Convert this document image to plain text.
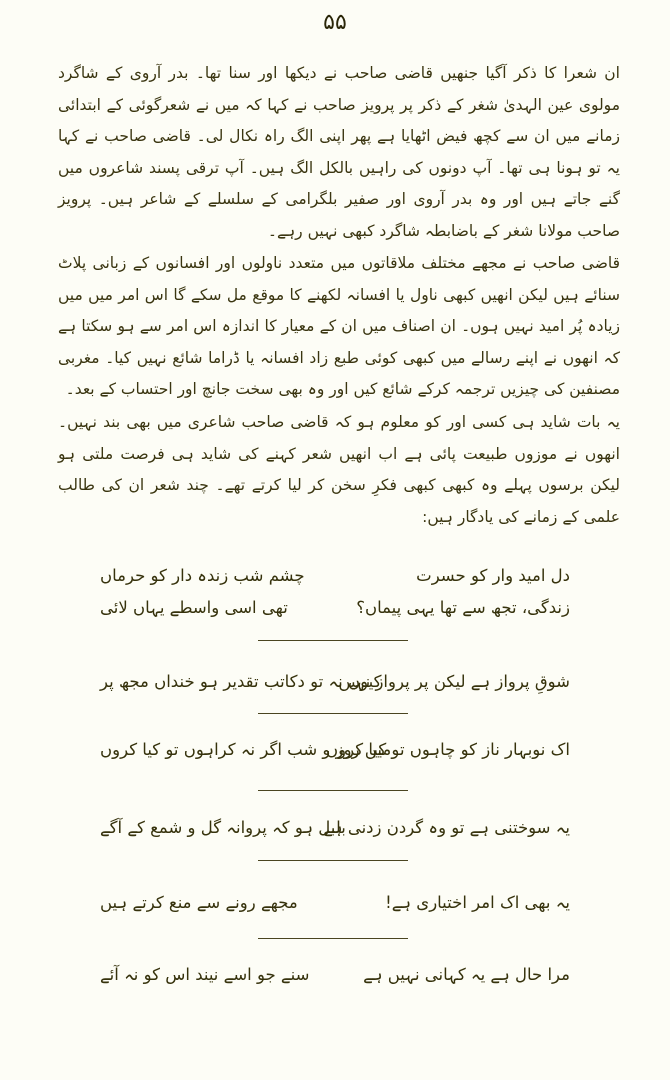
۵۵
ان شعرا کا ذکر آگیا جنھیں قاضی صاحب نے دیکھا اور سنا تھا۔ بدر آروی کے شاگرد مولوی عین الہدیٰ شغر کے ذکر پر پرویز صاحب نے کہا کہ میں نے شعرگوئی کے ابتدائی زمانے میں ان سے کچھ فیض اٹھایا ہے پھر اپنی الگ راہ نکال لی۔ قاضی صاحب نے کہا یہ تو ہونا ہی تھا۔ آپ دونوں کی راہیں بالکل الگ ہیں۔ آپ ترقی پسند شاعروں میں گنے جاتے ہیں اور وہ بدر آروی اور صفیر بلگرامی کے سلسلے کے شاعر ہیں۔ پرویز صاحب مولانا شغر کے باضابطہ شاگرد کبھی نہیں رہے۔
قاضی صاحب نے مجھے مختلف ملاقاتوں میں متعدد ناولوں اور افسانوں کے زبانی پلاٹ سنائے ہیں لیکن انھیں کبھی ناول یا افسانہ لکھنے کا موقع مل سکے گا اس امر میں میں زیادہ پُر امید نہیں ہوں۔ ان اصناف میں ان کے معیار کا اندازہ اس امر سے ہو سکتا ہے کہ انھوں نے اپنے رسالے میں کبھی کوئی طبع زاد افسانہ یا ڈراما شائع نہیں کیا۔ مغربی مصنفین کی چیزیں ترجمہ کرکے شائع کیں اور وہ بھی سخت جانچ اور احتساب کے بعد۔
یہ بات شاید ہی کسی اور کو معلوم ہو کہ قاضی صاحب شاعری میں بھی بند نہیں۔ انھوں نے موزوں طبیعت پائی ہے اب انھیں شعر کہنے کی شاید ہی فرصت ملتی ہو لیکن برسوں پہلے وہ کبھی کبھی فکرِ سخن کر لیا کرتے تھے۔ چند شعر ان کی طالب علمی کے زمانے کی یادگار ہیں:
دل امید وار کو حسرت
چشم شب زندہ دار کو حرماں
زندگی، تجھ سے تھا یہی پیماں؟
تھی اسی واسطے یہاں لائی
شوقِ پرواز ہے لیکن پر پرواز نہیں
کیوں نہ تو دکاتب تقدیر ہو خنداں مجھ پر
اک نوبہار ناز کو چاہوں تو کیا کروں
میں روز و شب اگر نہ کراہوں تو کیا کروں
یہ سوختنی ہے تو وہ گردن زدنی ہے
بلبل ہو کہ پروانہ گل و شمع کے آگے
یہ بھی اک امر اختیاری ہے!
مجھے رونے سے منع کرتے ہیں
مرا حال ہے یہ کہانی نہیں ہے
سنے جو اسے نیند اس کو نہ آئے
